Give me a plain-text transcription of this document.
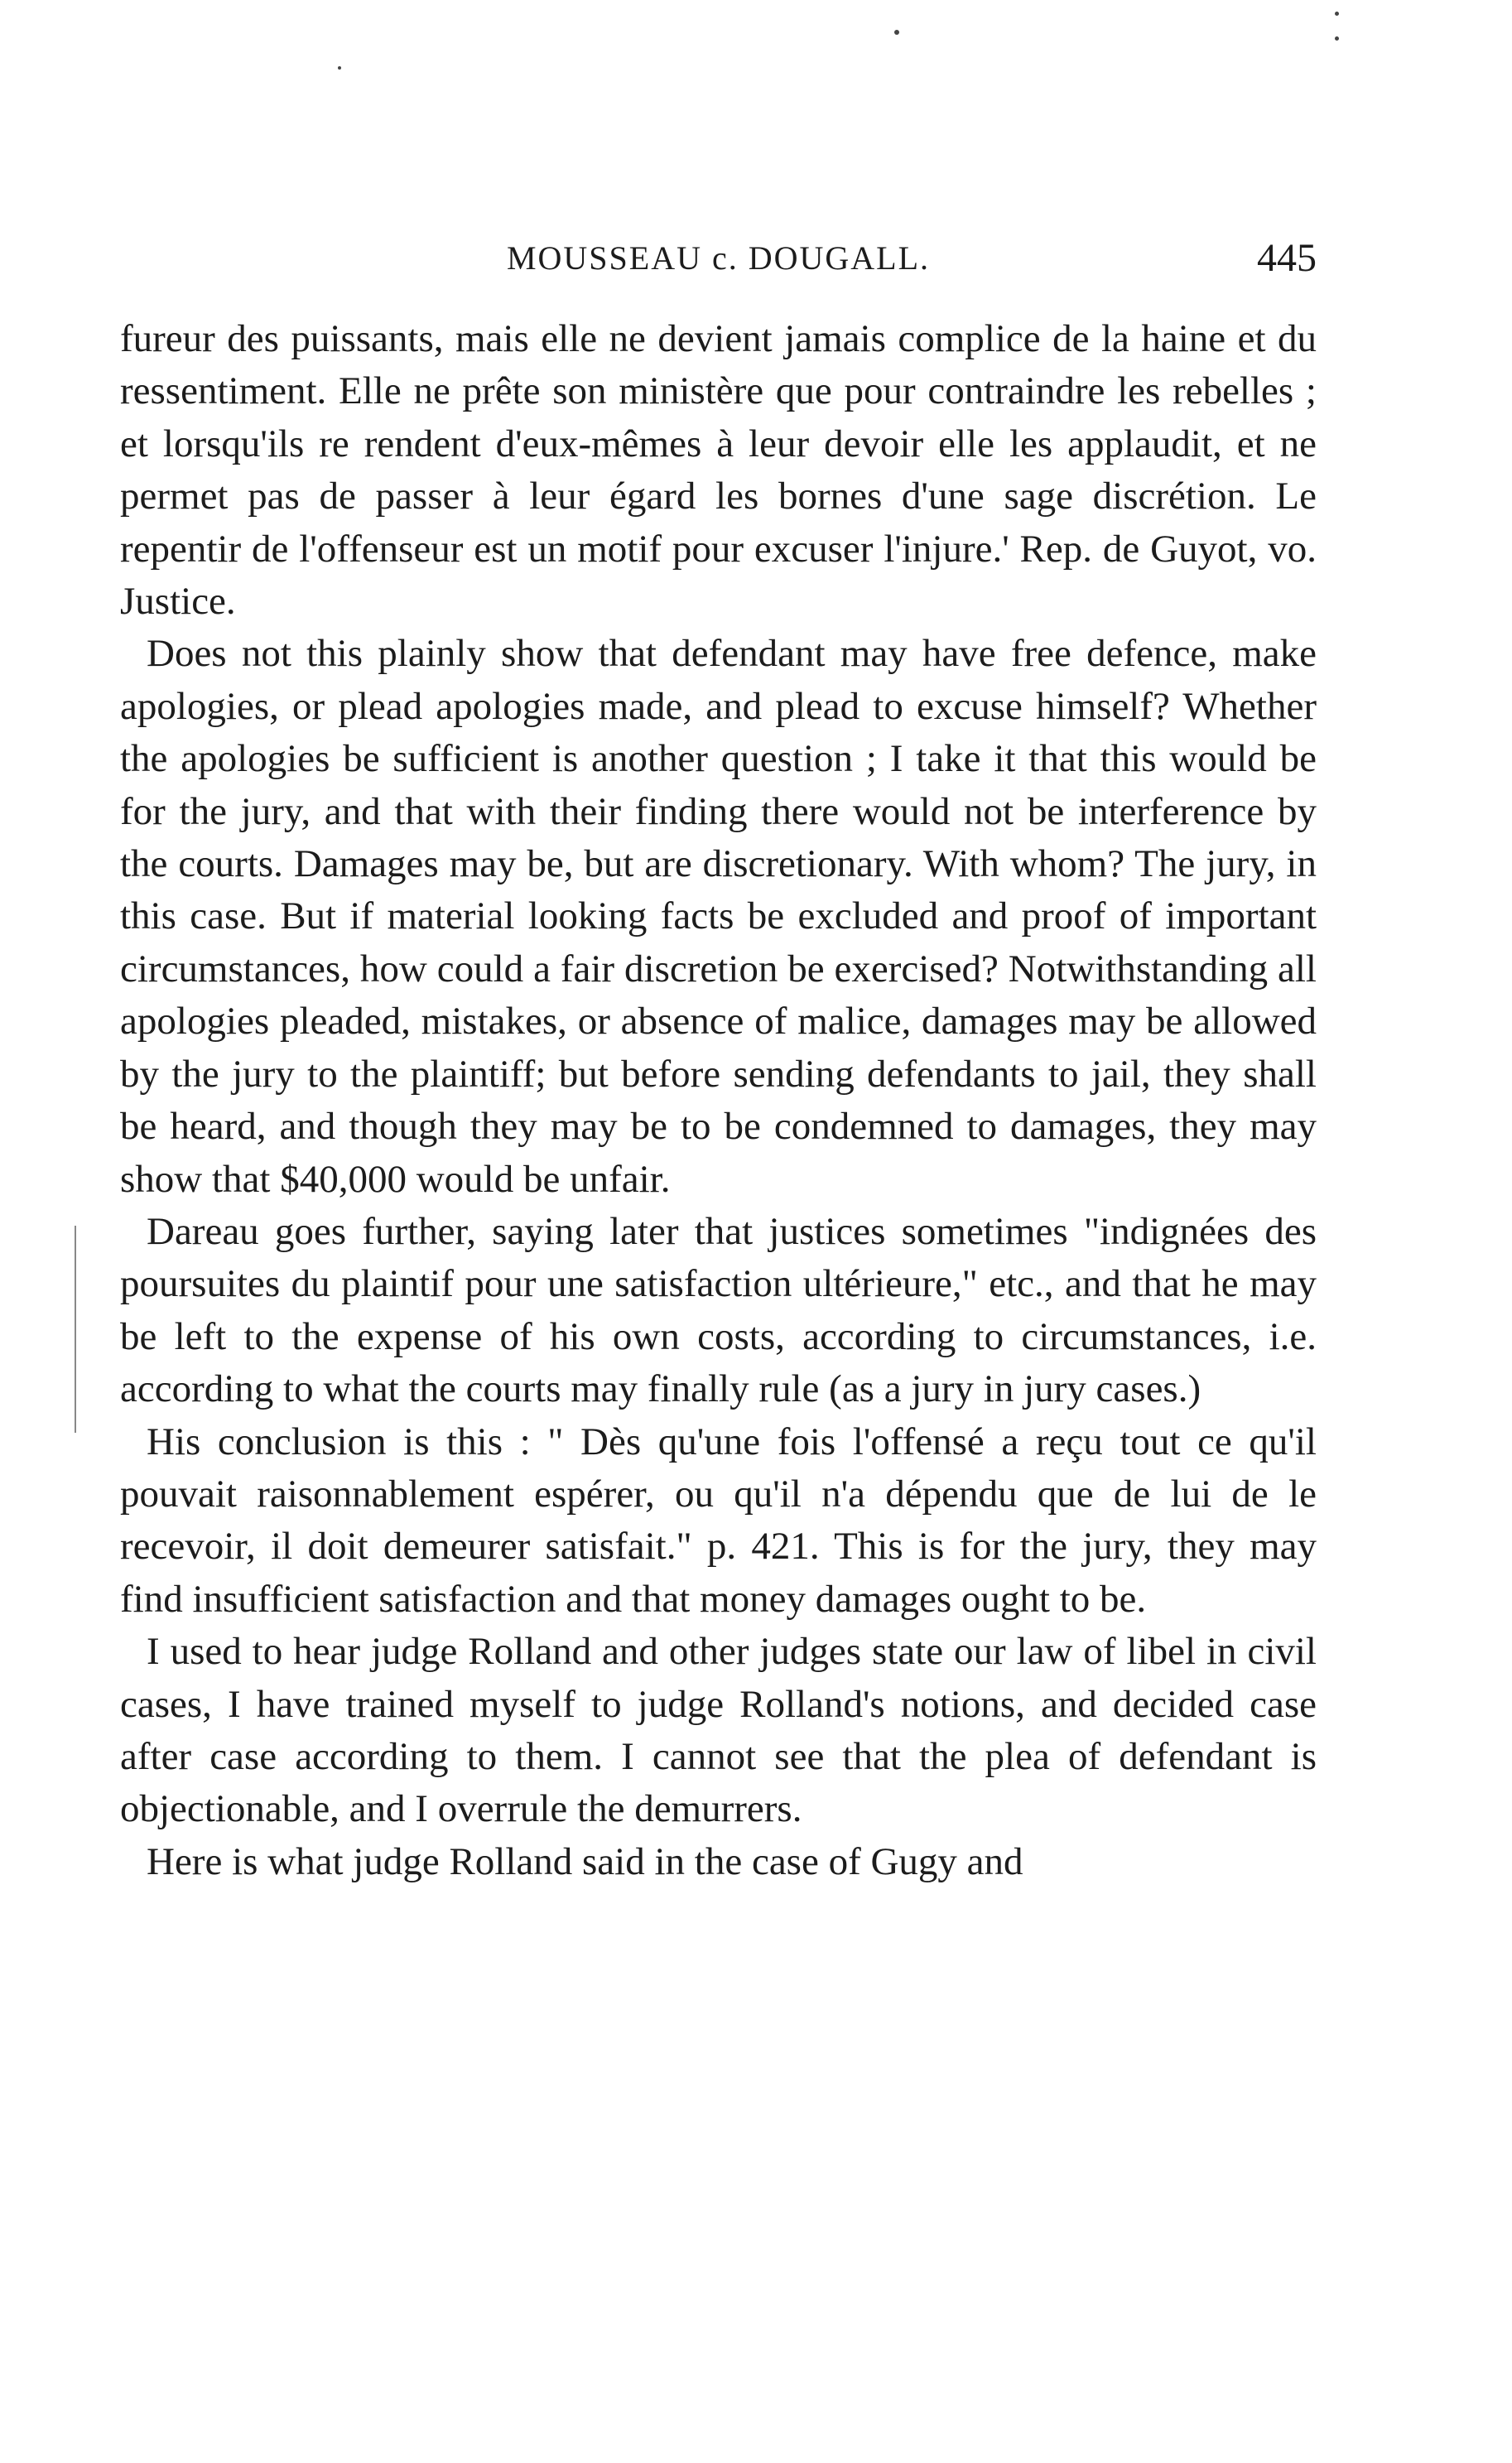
MOUSSEAU c. DOUGALL.	445

fureur des puissants, mais elle ne devient jamais complice de la haine et du ressentiment. Elle ne prête son ministère que pour contraindre les rebelles ; et lorsqu'ils re rendent d'eux-mêmes à leur devoir elle les applaudit, et ne permet pas de passer à leur égard les bornes d'une sage discrétion. Le repentir de l'offenseur est un motif pour excuser l'injure.' Rep. de Guyot, vo. Justice.

Does not this plainly show that defendant may have free defence, make apologies, or plead apologies made, and plead to excuse himself? Whether the apologies be sufficient is another question ; I take it that this would be for the jury, and that with their finding there would not be interference by the courts. Damages may be, but are discretionary. With whom? The jury, in this case. But if material looking facts be excluded and proof of important circumstances, how could a fair discretion be exercised? Notwithstanding all apologies pleaded, mistakes, or absence of malice, damages may be allowed by the jury to the plaintiff; but before sending defendants to jail, they shall be heard, and though they may be to be condemned to damages, they may show that $40,000 would be unfair.

Dareau goes further, saying later that justices sometimes "indignées des poursuites du plaintif pour une satisfaction ultérieure," etc., and that he may be left to the expense of his own costs, according to circumstances, i.e. according to what the courts may finally rule (as a jury in jury cases.)

His conclusion is this : " Dès qu'une fois l'offensé a reçu tout ce qu'il pouvait raisonnablement espérer, ou qu'il n'a dépendu que de lui de le recevoir, il doit demeurer satisfait." p. 421. This is for the jury, they may find insufficient satisfaction and that money damages ought to be.

I used to hear judge Rolland and other judges state our law of libel in civil cases, I have trained myself to judge Rolland's notions, and decided case after case according to them. I cannot see that the plea of defendant is objectionable, and I overrule the demurrers.

Here is what judge Rolland said in the case of Gugy and
